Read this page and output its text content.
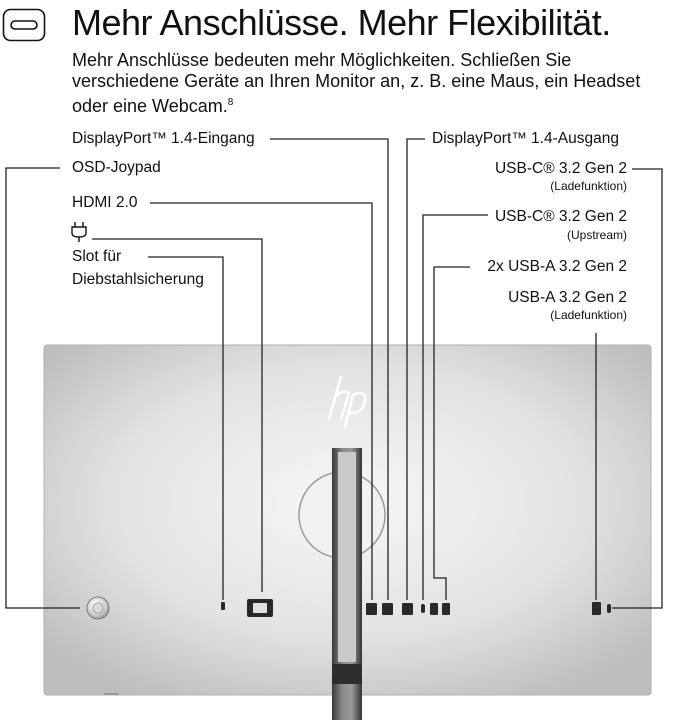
Mehr Anschlüsse. Mehr Flexibilität.
Mehr Anschlüsse bedeuten mehr Möglichkeiten. Schließen Sie verschiedene Geräte an Ihren Monitor an, z. B. eine Maus, ein Headset oder eine Webcam.$^8$
DisplayPort™ 1.4-Eingang
OSD-Joypad
HDMI 2.0
Slot für
Diebstahlsicherung
DisplayPort™ 1.4-Ausgang
USB-C® 3.2 Gen 2
(Ladefunktion)
USB-C® 3.2 Gen 2
(Upstream)
2x USB-A 3.2 Gen 2
USB-A 3.2 Gen 2
(Ladefunktion)
